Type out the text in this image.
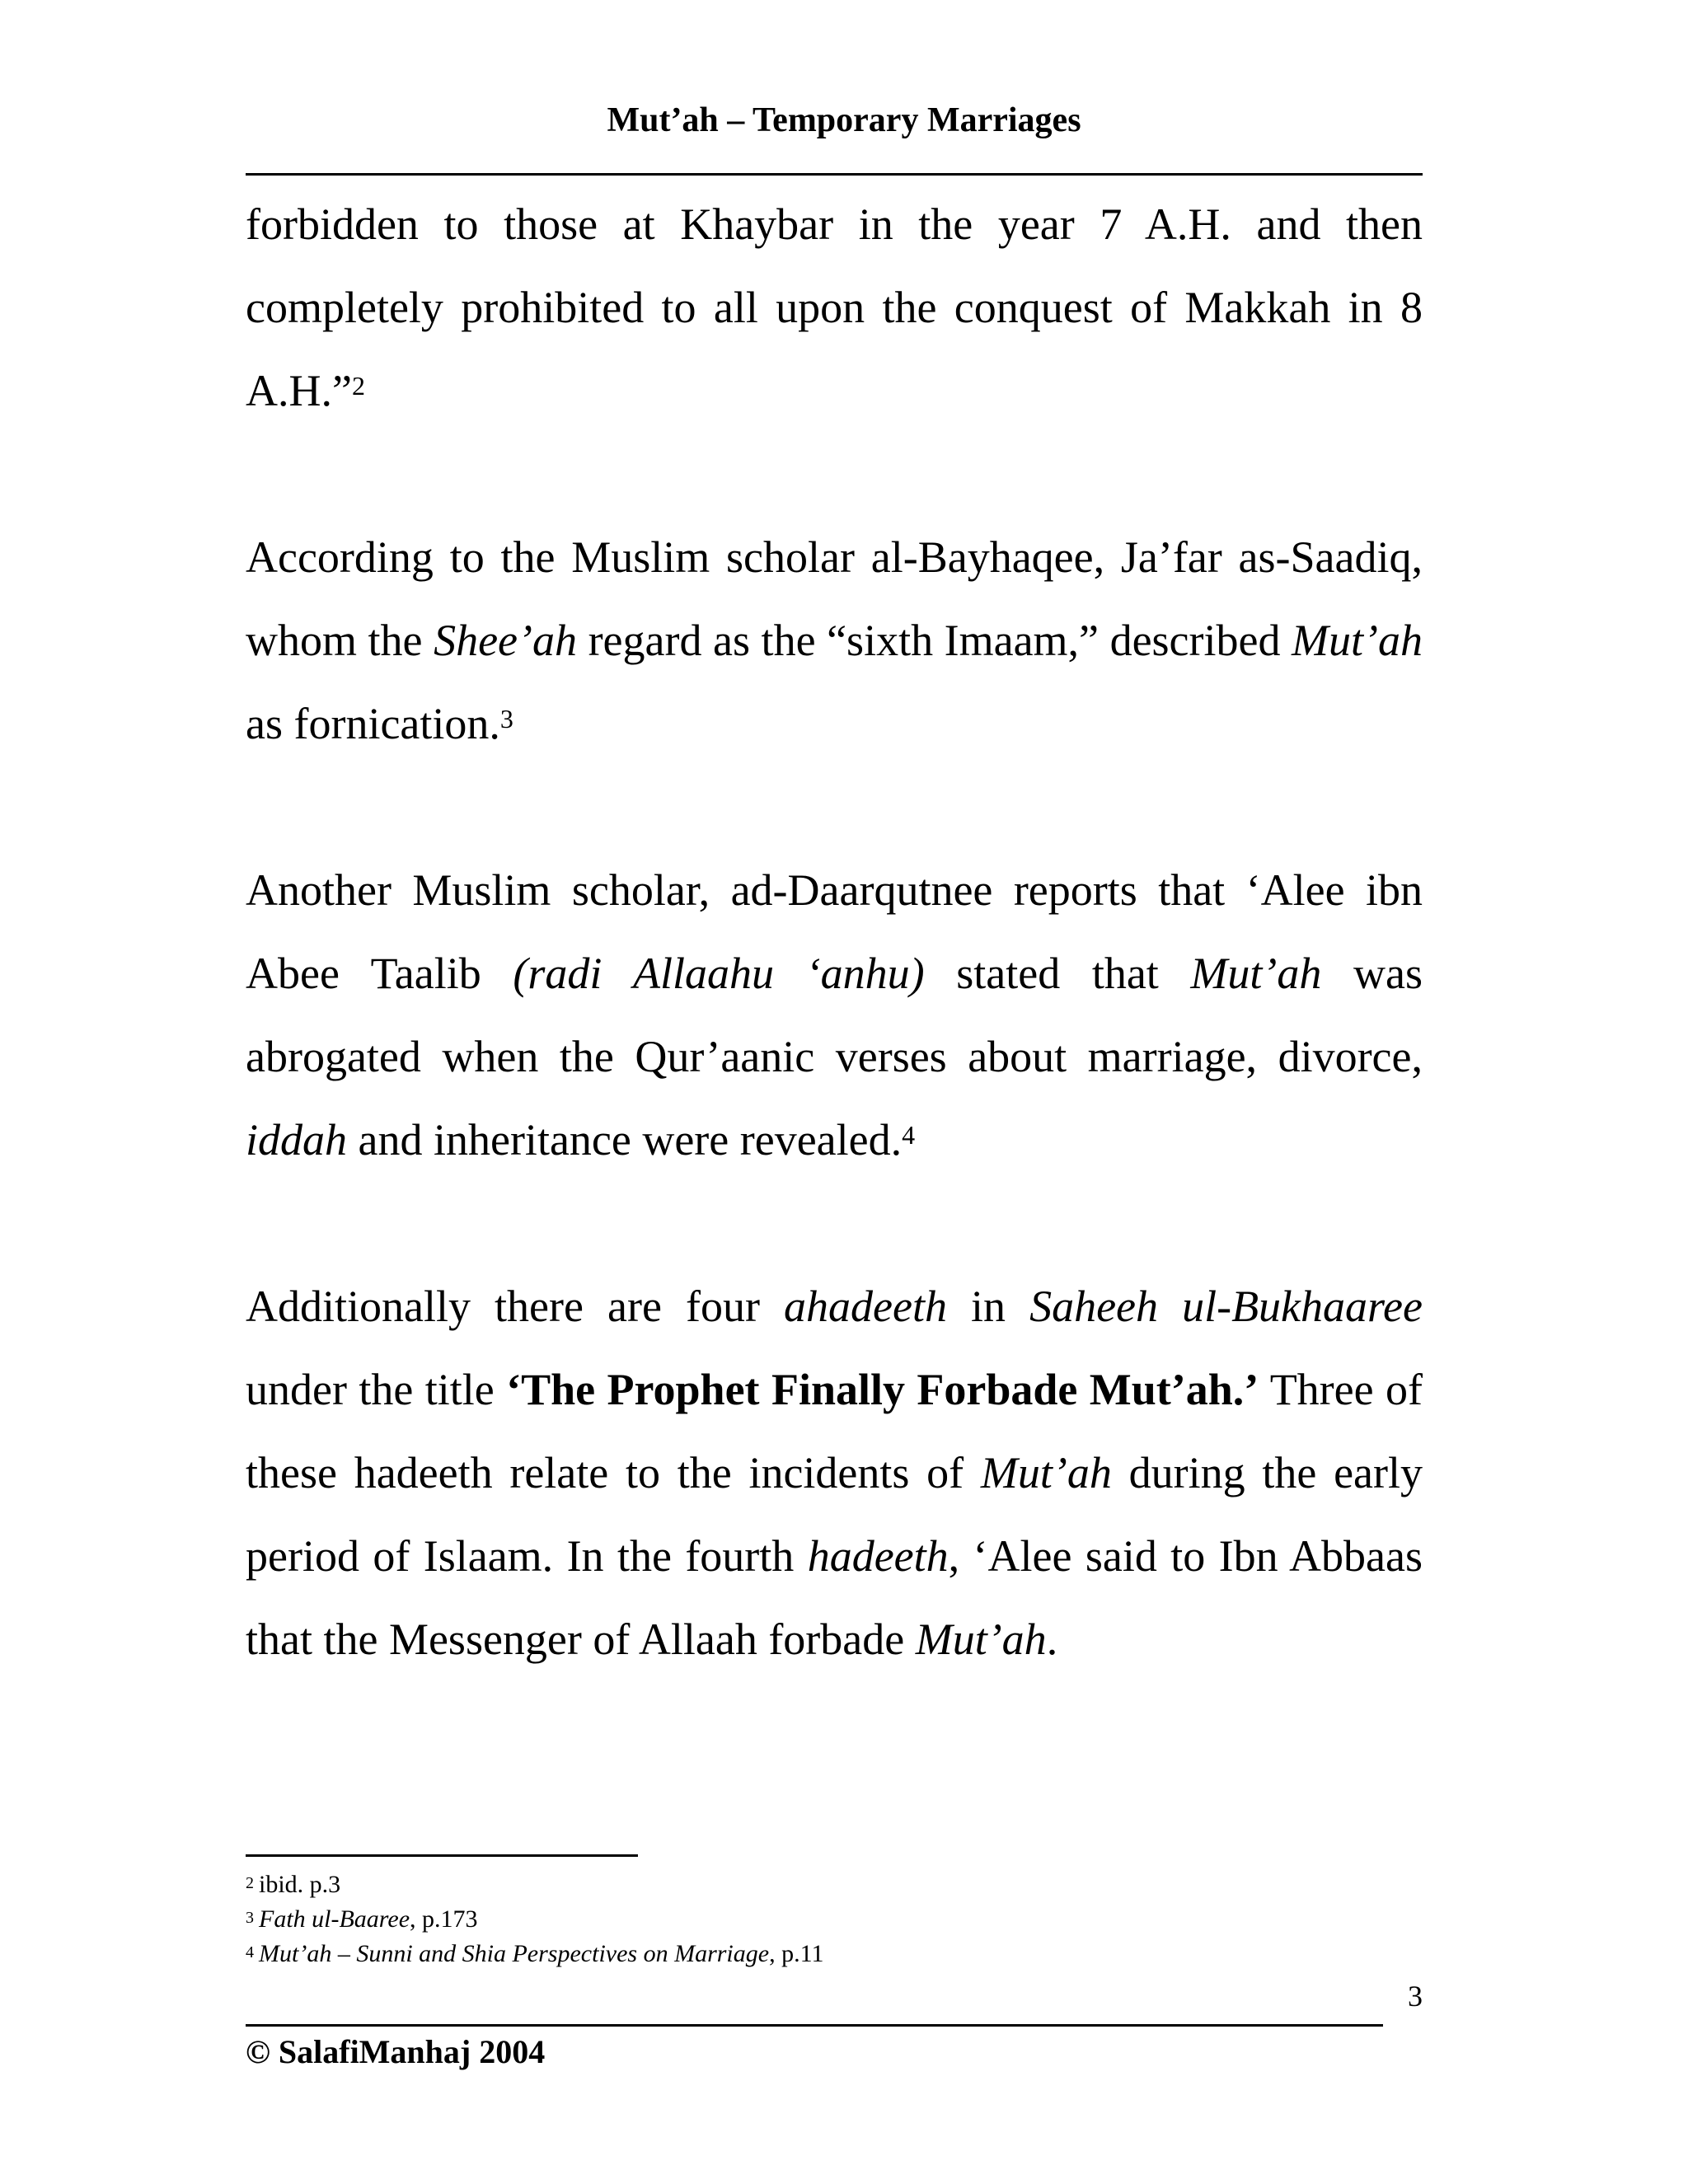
Mut’ah – Temporary Marriages

forbidden to those at Khaybar in the year 7 A.H. and then completely prohibited to all upon the conquest of Makkah in 8 A.H.”$^2$

According to the Muslim scholar al-Bayhaqee, Ja’far as-Saadiq, whom the Shee’ah regard as the “sixth Imaam,” described Mut’ah as fornication.$^3$

Another Muslim scholar, ad-Daarqutnee reports that ‘Alee ibn Abee Taalib (radi Allaahu ‘anhu) stated that Mut’ah was abrogated when the Qur’aanic verses about marriage, divorce, iddah and inheritance were revealed.$^4$

Additionally there are four ahadeeth in Saheeh ul-Bukhaaree under the title ‘The Prophet Finally Forbade Mut’ah.’ Three of these hadeeth relate to the incidents of Mut’ah during the early period of Islaam. In the fourth hadeeth, ‘Alee said to Ibn Abbaas that the Messenger of Allaah forbade Mut’ah.

$^2$ ibid. p.3
$^3$ Fath ul-Baaree, p.173
$^4$ Mut’ah – Sunni and Shia Perspectives on Marriage, p.11
3
© SalafiManhaj 2004
